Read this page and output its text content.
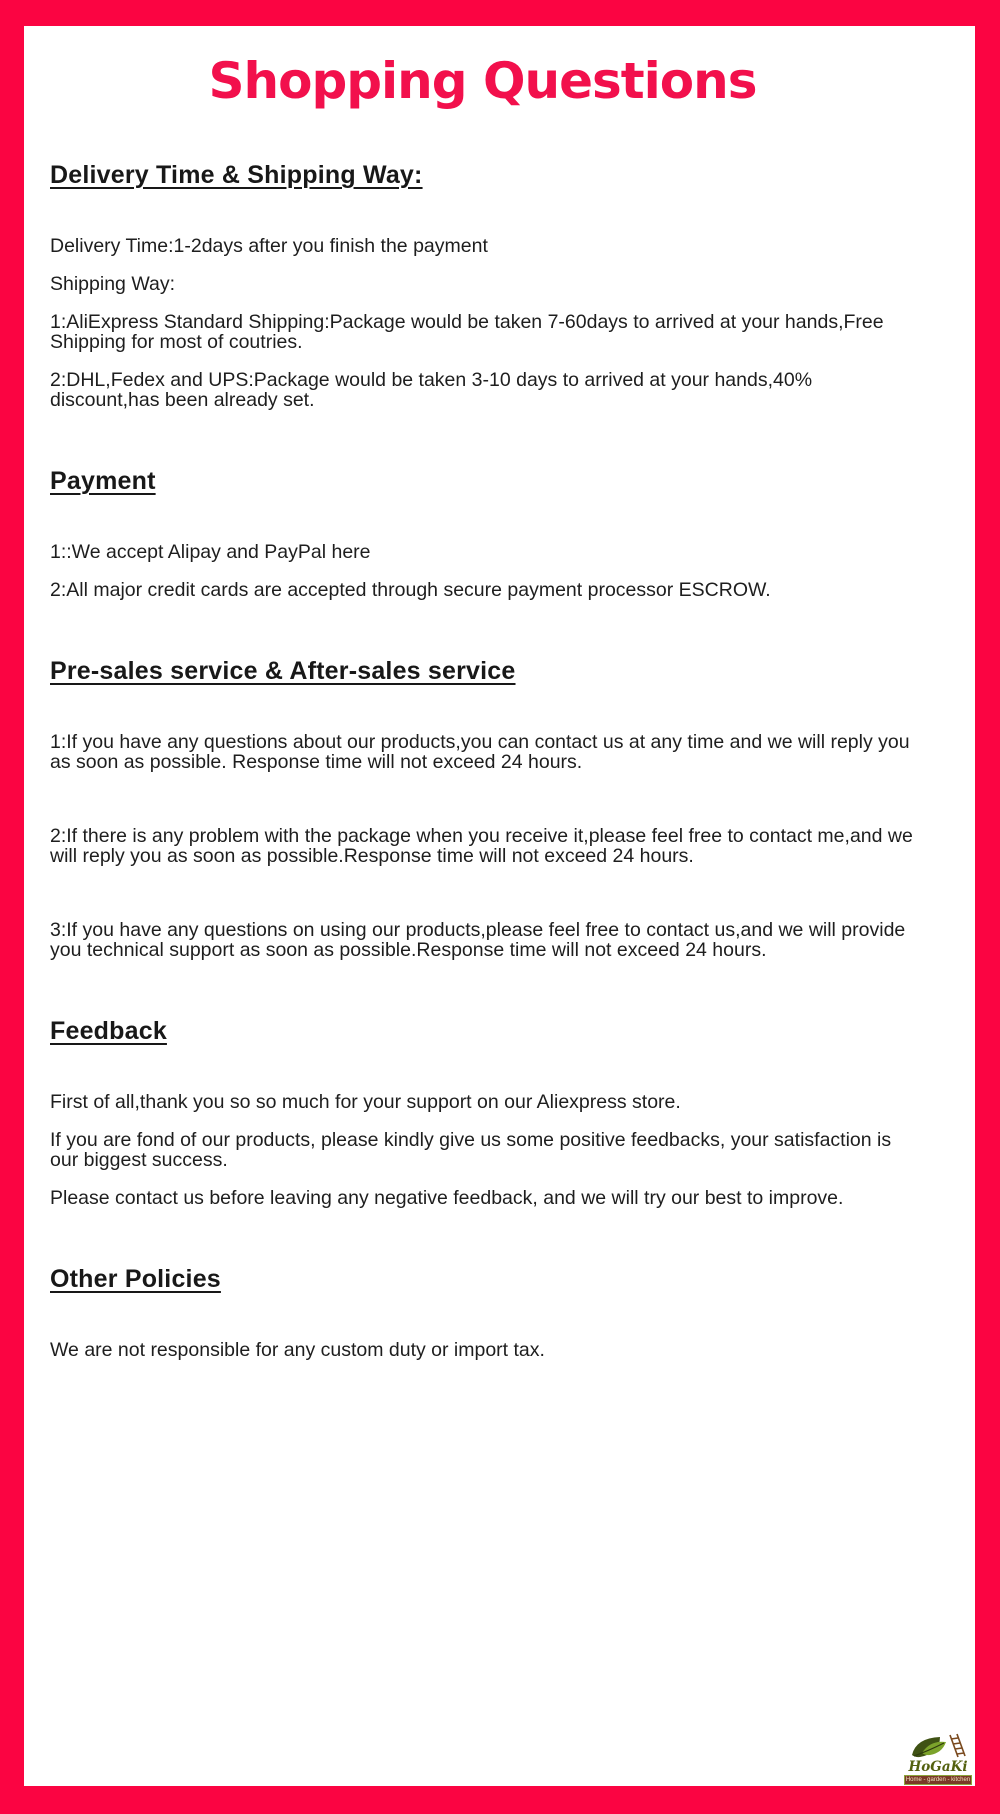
Shopping Questions
Delivery Time & Shipping Way:

Delivery Time:1-2days after you finish the payment

Shipping Way:

1:AliExpress Standard Shipping:Package would be taken 7-60days to arrived at your hands,Free Shipping for most of coutries.

2:DHL,Fedex and UPS:Package would be taken 3-10 days to arrived at your hands,40% discount,has been already set.

Payment

1::We accept Alipay and PayPal here

2:All major credit cards are accepted through secure payment processor ESCROW.

Pre-sales service & After-sales service

1:If you have any questions about our products,you can contact us at any time and we will reply you as soon as possible. Response time will not exceed 24 hours.

2:If there is any problem with the package when you receive it,please feel free to contact me,and we will reply you as soon as possible.Response time will not exceed 24 hours.

3:If you have any questions on using our products,please feel free to contact us,and we will provide you technical support as soon as possible.Response time will not exceed 24 hours.

Feedback

First of all,thank you so so much for your support on our Aliexpress store.

If you are fond of our products, please kindly give us some positive feedbacks, your satisfaction is our biggest success.

Please contact us before leaving any negative feedback, and we will try our best to improve.

Other Policies

We are not responsible for any custom duty or import tax.

HoGaKi
Home - garden - kitchen
